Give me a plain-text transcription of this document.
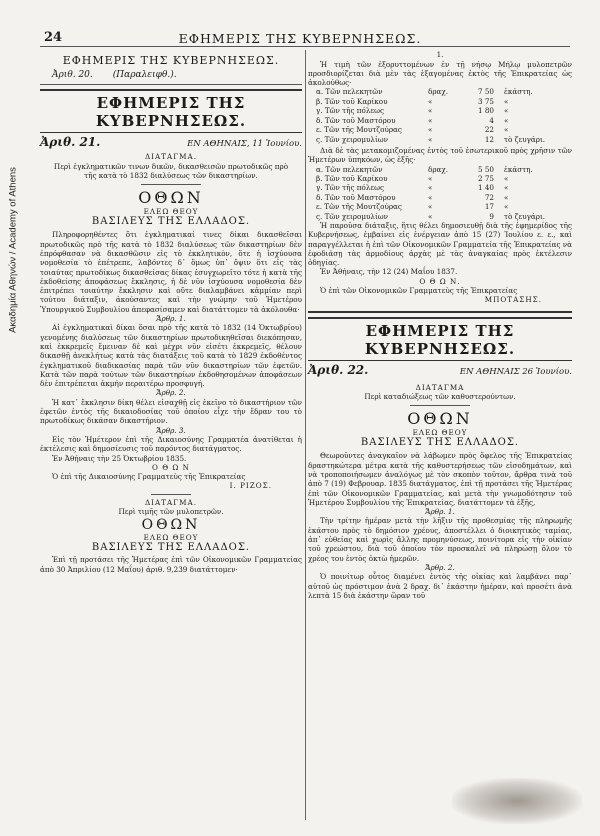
Ακαδημία Αθηνών / Academy of Athens
24	ΕΦΗΜΕΡΙΣ ΤΗΣ ΚΥΒΕΡΝΗΣΕΩΣ.
ΕΦΗΜΕΡΙΣ ΤΗΣ ΚΥΒΕΡΝΗΣΕΩΣ.
Ἀριθ. 20.	(Παραλειφθ.).
ΕΦΗΜΕΡΙΣ ΤΗΣ ΚΥΒΕΡΝΗΣΕΩΣ.
Ἀριθ. 21.	ΕΝ ΑΘΗΝΑΙΣ, 11 Ἰουνίου.
ΔΙΑΤΑΓΜΑ.
Περὶ ἐγκληματικῶν τινων δικῶν, δικασθεισῶν πρωτοδικῶς πρὸ τῆς κατὰ τὸ 1832 διαλύσεως τῶν δικαστηρίων.
ΟΘΩΝ
ΕΛΕΩ ΘΕΟΥ
ΒΑΣΙΛΕΥΣ ΤΗΣ ΕΛΛΑΔΟΣ.

Πληροφορηθέντες ὅτι ἐγκληματικαί τινες δίκαι δικασθεῖσαι πρωτοδικῶς πρὸ τῆς κατὰ τὸ 1832 διαλύσεως τῶν δικαστηρίων δὲν ἐπρόφθασαν νὰ δικασθῶσιν εἰς τὸ ἐκκλητικὸν, ὅτε ἡ ἰσχύουσα νομοθεσία τὸ ἐπέτρεπε, λαβόντες δ᾽ ὅμως ὑπ᾽ ὄψιν ὅτι εἰς τὰς τοιαύτας πρωτοδίκως δικασθείσας δίκας ἐσυγχωρεῖτο τότε ἡ κατὰ τῆς ἐκδοθείσης ἀποφάσεως ἔκκλησις, ἡ δὲ νῦν ἰσχύουσα νομοθεσία δὲν ἐπιτρέπει τοιαύτην ἔκκλησιν καὶ οὔτε διαλαμβάνει κἀμμίαν περὶ τούτου διάταξιν, ἀκούσαντες καὶ τὴν γνώμην τοῦ Ἡμετέρου Ὑπουργικοῦ Συμβουλίου ἀπεφασίσαμεν καὶ διατάττομεν τὰ ἀκόλουθα·

Ἄρθρ. 1.

Αἱ ἐγκληματικαὶ δίκαι ὅσαι πρὸ τῆς κατὰ τὸ 1832 (14 Ὀκτωβρίου) γενομένης διαλύσεως τῶν δικαστηρίων πρωτοδικηθεῖσαι διεκόπησαν, καὶ ἐκκρεμεῖς ἔμειναν δὲ καὶ μέχρι νῦν εἰσέτι ἐκκρεμεῖς, θέλουν δικασθῇ ἀνεκλήτως κατὰ τὰς διατάξεις τοῦ κατὰ τὸ 1829 ἐκδοθέντος ἐγκληματικοῦ διαδικασίας παρὰ τῶν νῦν δικαστηρίων τῶν ἐφετῶν. Κατὰ τῶν παρὰ τούτων τῶν δικαστηρίων ἐκδοθησομένων ἀποφάσεων δὲν ἐπιτρέπεται ἀκμήν περαιτέρω προσφυγή.

Ἄρθρ. 2.

Ἡ κατ᾽ ἔκκλησιν δίκη θέλει εἰσαχθῇ εἰς ἐκεῖνο τὸ δικαστήριον τῶν ἐφετῶν ἐντὸς τῆς δικαιοδοσίας τοῦ ὁποίου εἶχε τὴν ἕδραν του τὸ πρωτοδίκως δικάσαν δικαστήριον.

Ἄρθρ. 3.

Εἰς τὸν Ἡμέτερον ἐπὶ τῆς Δικαιοσύνης Γραμματέα ἀνατίθεται ἡ ἐκτέλεσις καὶ δημοσίευσις τοῦ παρόντος διατάγματος.

Ἐν Ἀθήναις τὴν 25 Ὀκτωβρίου 1835.
Ο Θ Ω Ν
Ὁ ἐπὶ τῆς Δικαιοσύνης Γραμματεὺς τῆς Ἐπικρατείας
Ι. ΡΙΖΟΣ.
ΔΙΑΤΑΓΜΑ.
Περὶ τιμῆς τῶν μυλοπετρῶν.
ΟΘΩΝ
ΕΛΕΩ ΘΕΟΥ
ΒΑΣΙΛΕΥΣ ΤΗΣ ΕΛΛΑΔΟΣ.

Ἐπὶ τῇ προτάσει τῆς Ἡμετέρας ἐπὶ τῶν Οἰκονομικῶν Γραμματείας ἀπὸ 30 Ἀπριλίου (12 Μαΐου) ἀριθ. 9,239 διατάττομεν·

1.

Ἡ τιμὴ τῶν ἐξορυττομένων ἐν τῇ νήσῳ Μήλῳ μυλοπετρῶν προσδιορίζεται διὰ μὲν τὰς ἐξαγομένας ἐκτὸς τῆς Ἐπικρατείας ὡς ἀκολούθως·

α. Τῶν πελεκητῶν	δραχ.	7 50	ἑκάστη.
β. Τῶν τοῦ Καρίκου	«	3 75	«
γ. Τῶν τῆς πόλεως	«	1 80	«
δ. Τῶν τοῦ Μαστόρου	«	4	«
ε. Τῶν τῆς Μουτζούρας	«	22	«
ς. Τῶν χειρομυλίων	«	12	τὸ ζευγάρι.

Διὰ δὲ τὰς μετακομιζομένας ἐντὸς τοῦ ἐσωτερικοῦ πρὸς χρῆσιν τῶν Ἡμετέρων ὑπηκόων, ὡς ἑξῆς·

α. Τῶν πελεκητῶν	δραχ.	5 50	ἑκάστη.
β. Τῶν τοῦ Καρίκου	«	2 75	«
γ. Τῶν τῆς πόλεως	«	1 40	«
δ. Τῶν τοῦ Μαστόρου	«	72	«
ε. Τῶν τῆς Μουτζούρας	«	17	«
ς. Τῶν χειρομυλίων	«	9	τὸ ζευγάρι.

Ἡ παροῦσα διάταξις, ἥτις θέλει δημοσιευθῇ διὰ τῆς ἐφημερίδος τῆς Κυβερνήσεως, ἐμβαίνει εἰς ἐνέργειαν ἀπὸ 15 (27) Ἰουλίου ε. ε., καὶ παραγγέλλεται ἡ ἐπὶ τῶν Οἰκονομικῶν Γραμματεία τῆς Ἐπικρατείας νὰ ἐφοδιάσῃ τὰς ἁρμοδίους ἀρχὰς μὲ τὰς ἀναγκαίας πρὸς ἐκτέλεσιν ὁδηγίας.

Ἐν Ἀθήναις, τὴν 12 (24) Μαΐου 1837.
Ο Θ Ω Ν.
Ὁ ἐπὶ τῶν Οἰκονομικῶν Γραμματεὺς τῆς Ἐπικρατείας
ΜΠΟΤΑΣΗΣ.
ΕΦΗΜΕΡΙΣ ΤΗΣ ΚΥΒΕΡΝΗΣΕΩΣ.
Ἀριθ. 22.	ΕΝ ΑΘΗΝΑΙΣ 26 Ἰουνίου.
ΔΙΑΤΑΓΜΑ
Περὶ καταδιώξεως τῶν καθυστερούντων.
ΟΘΩΝ
ΕΛΕΩ ΘΕΟΥ
ΒΑΣΙΛΕΥΣ ΤΗΣ ΕΛΛΑΔΟΣ.

Θεωροῦντες ἀναγκαῖον νὰ λάβωμεν πρὸς ὄφελος τῆς Ἐπικρατείας δραστηκώτερα μέτρα κατὰ τῆς καθυστερήσεως τῶν εἰσοδημάτων, καὶ νὰ τροποποιήσωμεν ἀναλόγως μὲ τὸν σκοπὸν τοῦτον, ἄρθρα τινὰ τοῦ ἀπὸ 7 (19) Φεβρουαρ. 1835 διατάγματος, ἐπὶ τῇ προτάσει τῆς Ἡμετέρας ἐπὶ τῶν Οἰκονομικῶν Γραμματείας, καὶ μετὰ τὴν γνωμοδότησιν τοῦ Ἡμετέρου Συμβουλίου τῆς Ἐπικρατείας, διατάττομεν τὰ ἑξῆς,

Ἄρθρ. 1.

Τὴν τρίτην ἡμέραν μετὰ τὴν λῆξιν τῆς προθεσμίας τῆς πληρωμῆς ἑκάστου πρὸς τὸ δημόσιον χρέους, ἀποστέλλει ὁ διοικητικὸς ταμίας, ἀπ᾽ εὐθείας καὶ χωρὶς ἄλλης προμηνύσεως, ποινίτορα εἰς τὴν οἰκίαν τοῦ χρεώστου, διὰ τοῦ ὁποίου τὸν προσκαλεῖ νὰ πληρώσῃ ὅλον τὸ χρέος του ἐντὸς ὀκτὼ ἡμερῶν.

Ἄρθρ. 2.

Ὁ ποινίτωρ οὗτος διαμένει ἐντὸς τῆς οἰκίας καὶ λαμβάνει παρ᾽ αὐτοῦ ὡς πρόστιμον ἀνὰ 2 δραχ. δι᾽ ἑκάστην ἡμέραν, καὶ προσέτι ἀνὰ λεπτὰ 15 διὰ ἑκάστην ὥραν τοῦ
